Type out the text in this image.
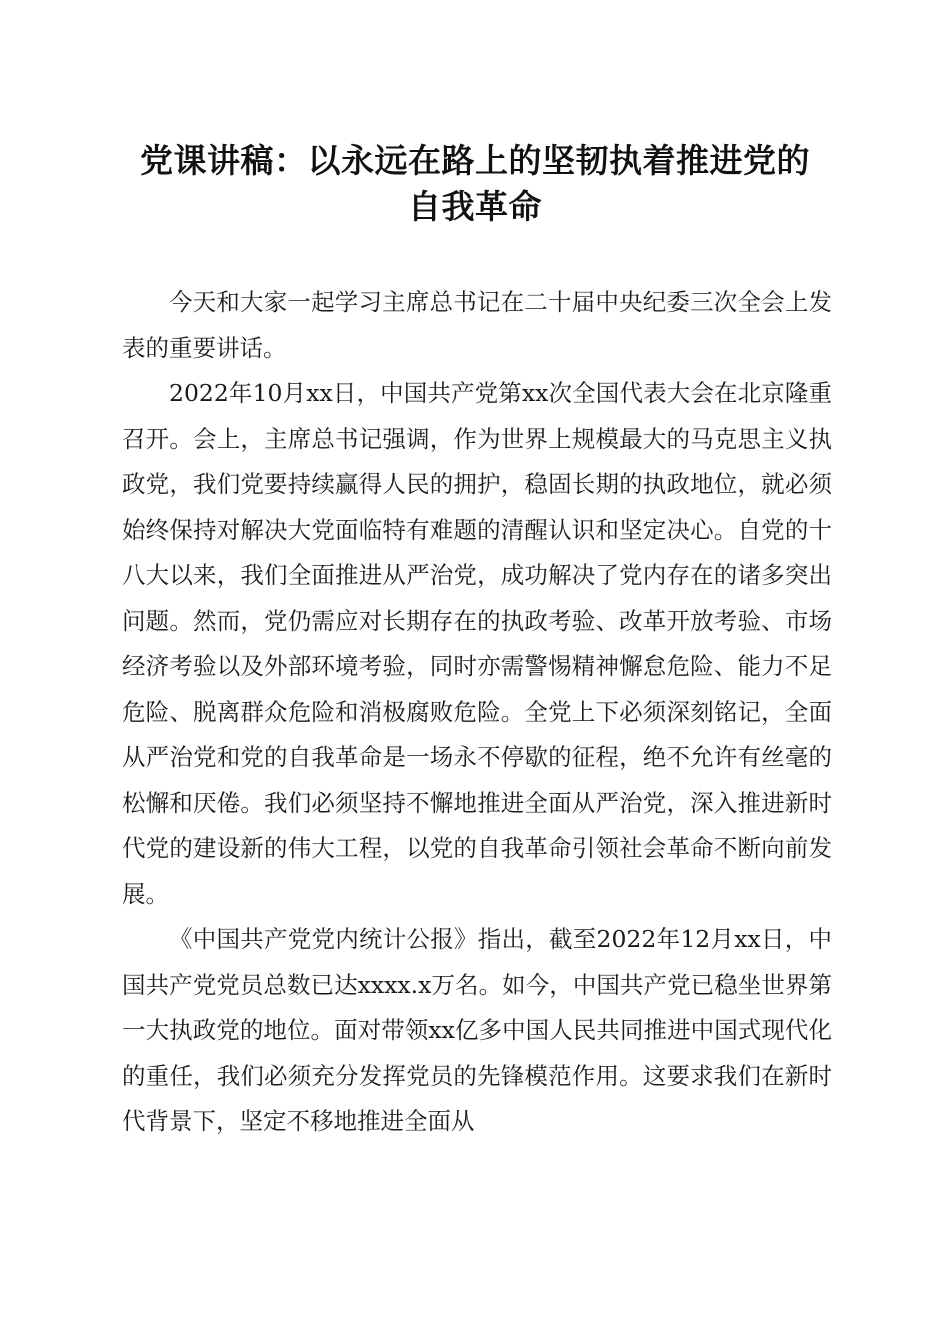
党课讲稿：以永远在路上的坚韧执着推进党的
自我革命

今天和大家一起学习主席总书记在二十届中央纪委三次全会上发表的重要讲话。

2022年10月xx日，中国共产党第xx次全国代表大会在北京隆重召开。会上，主席总书记强调，作为世界上规模最大的马克思主义执政党，我们党要持续赢得人民的拥护，稳固长期的执政地位，就必须始终保持对解决大党面临特有难题的清醒认识和坚定决心。自党的十八大以来，我们全面推进从严治党，成功解决了党内存在的诸多突出问题。然而，党仍需应对长期存在的执政考验、改革开放考验、市场经济考验以及外部环境考验，同时亦需警惕精神懈怠危险、能力不足危险、脱离群众危险和消极腐败危险。全党上下必须深刻铭记，全面从严治党和党的自我革命是一场永不停歇的征程，绝不允许有丝毫的松懈和厌倦。我们必须坚持不懈地推进全面从严治党，深入推进新时代党的建设新的伟大工程，以党的自我革命引领社会革命不断向前发展。

《中国共产党党内统计公报》指出，截至2022年12月xx日，中国共产党党员总数已达xxxx.x万名。如今，中国共产党已稳坐世界第一大执政党的地位。面对带领xx亿多中国人民共同推进中国式现代化的重任，我们必须充分发挥党员的先锋模范作用。这要求我们在新时代背景下，坚定不移地推进全面从
